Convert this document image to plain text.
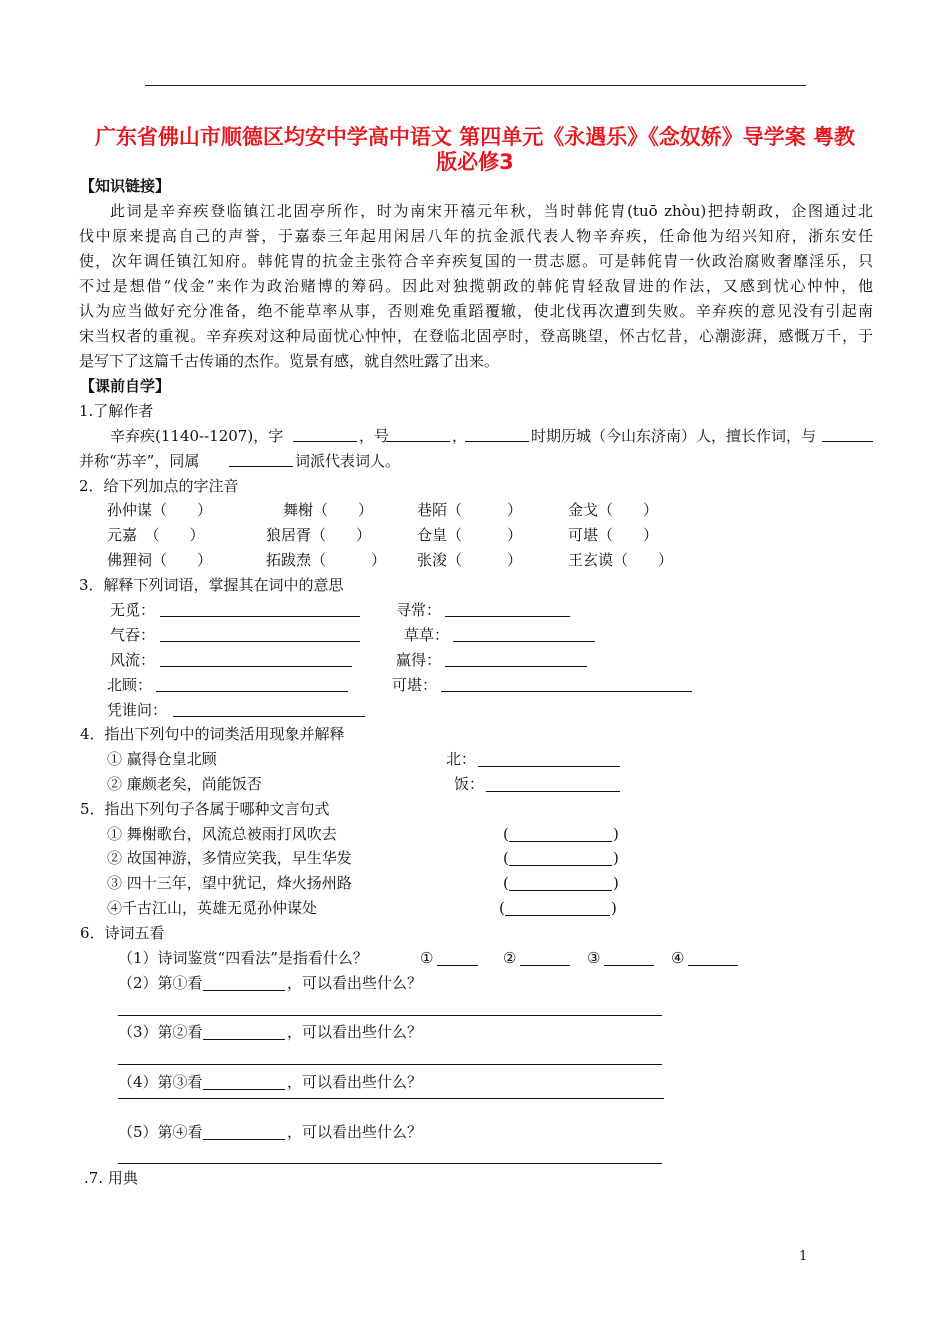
广东省佛山市顺德区均安中学高中语文 第四单元《永遇乐》《念奴娇》导学案 粤教
版必修3
【知识链接】
此词是辛弃疾登临镇江北固亭所作，时为南宋开禧元年秋，当时韩侂胄(tuō zhòu)把持朝政，企图通过北
伐中原来提高自己的声誉，于嘉泰三年起用闲居八年的抗金派代表人物辛弃疾，任命他为绍兴知府，浙东安任
使，次年调任镇江知府。韩侂胄的抗金主张符合辛弃疾复国的一贯志愿。可是韩侂胄一伙政治腐败奢靡淫乐，只
不过是想借“伐金”来作为政治赌博的筹码。因此对独揽朝政的韩侂胄轻敌冒进的作法，又感到忧心忡忡，他
认为应当做好充分准备，绝不能草率从事，否则难免重蹈覆辙，使北伐再次遭到失败。辛弃疾的意见没有引起南
宋当权者的重视。辛弃疾对这种局面忧心忡忡，在登临北固亭时，登高眺望，怀古忆昔，心潮澎湃，感慨万千，于
是写下了这篇千古传诵的杰作。览景有感，就自然吐露了出来。
【课前自学】
1.了解作者
辛弃疾(1140--1207)，字	，号	，	时期历城（今山东济南）人，擅长作词，与
并称“苏辛”，同属	词派代表词人。
2．给下列加点的字注音
孙仲谋（　　）	舞榭（　　）	巷陌（　　　）	金戈（　　）
元嘉　（　　）	狼居胥（　　）	仓皇（　　　）	可堪（　　）
佛狸祠（　　）	拓跋焘（　　　） 张浚（　　　）	王玄谟（　　）
3．解释下列词语，掌握其在词中的意思
无觅：	寻常：
气吞：	草草：
风流：	赢得：
北顾：	可堪：
凭谁问：
4．指出下列句中的词类活用现象并解释
① 赢得仓皇北顾	北：
② 廉颇老矣，尚能饭否	饭：
5．指出下列句子各属于哪种文言句式
① 舞榭歌台，风流总被雨打风吹去	(	)
② 故国神游，多情应笑我，早生华发	(	)
③ 四十三年，望中犹记，烽火扬州路	(	)
④千古江山，英雄无觅孙仲谋处	(	)
6．诗词五看
（1）诗词鉴赏“四看法”是指看什么？	①	②	③	④
（2）第①看	，可以看出些什么？
（3）第②看	，可以看出些什么？
（4）第③看	，可以看出些什么？
（5）第④看	，可以看出些什么？
.7. 用典
1
